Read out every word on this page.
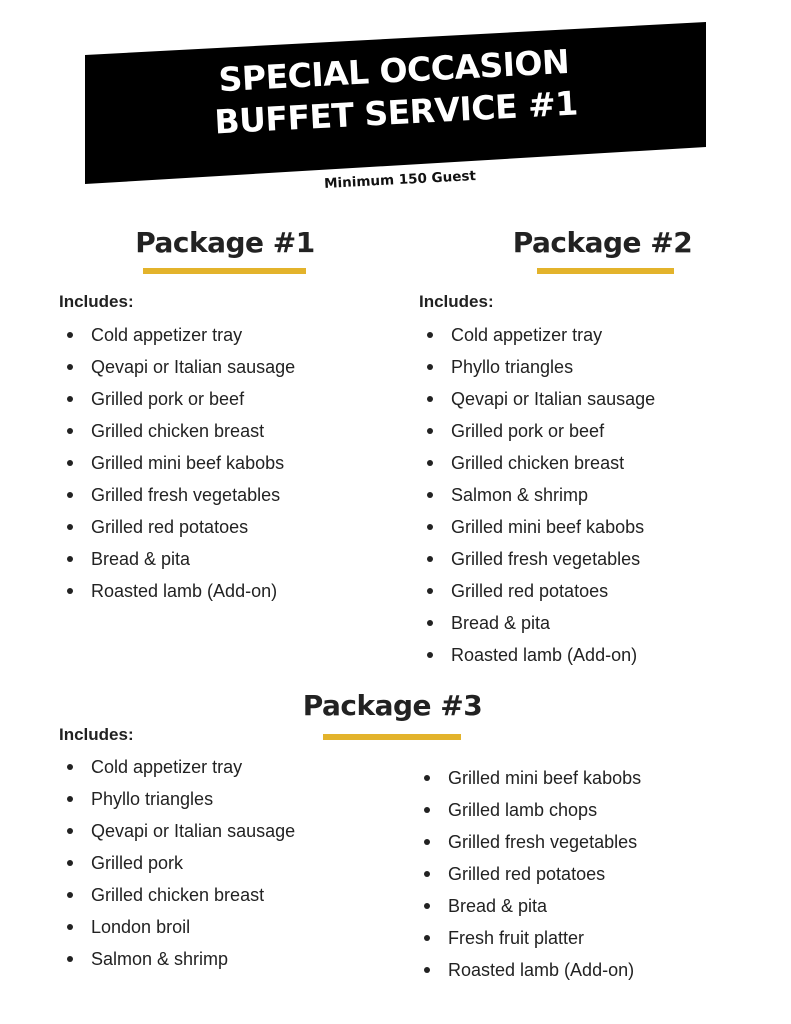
SPECIAL OCCASION
BUFFET SERVICE #1
Minimum 150 Guest
Package #1
Includes:
Cold appetizer tray
Qevapi or Italian sausage
Grilled pork or beef
Grilled chicken breast
Grilled mini beef kabobs
Grilled fresh vegetables
Grilled red potatoes
Bread & pita
Roasted lamb (Add-on)
Package #2
Includes:
Cold appetizer tray
Phyllo triangles
Qevapi or Italian sausage
Grilled pork or beef
Grilled chicken breast
Salmon & shrimp
Grilled mini beef kabobs
Grilled fresh vegetables
Grilled red potatoes
Bread & pita
Roasted lamb (Add-on)
Package #3
Includes:
Cold appetizer tray
Phyllo triangles
Qevapi or Italian sausage
Grilled pork
Grilled chicken breast
London broil
Salmon & shrimp
Grilled mini beef kabobs
Grilled lamb chops
Grilled fresh vegetables
Grilled red potatoes
Bread & pita
Fresh fruit platter
Roasted lamb (Add-on)
